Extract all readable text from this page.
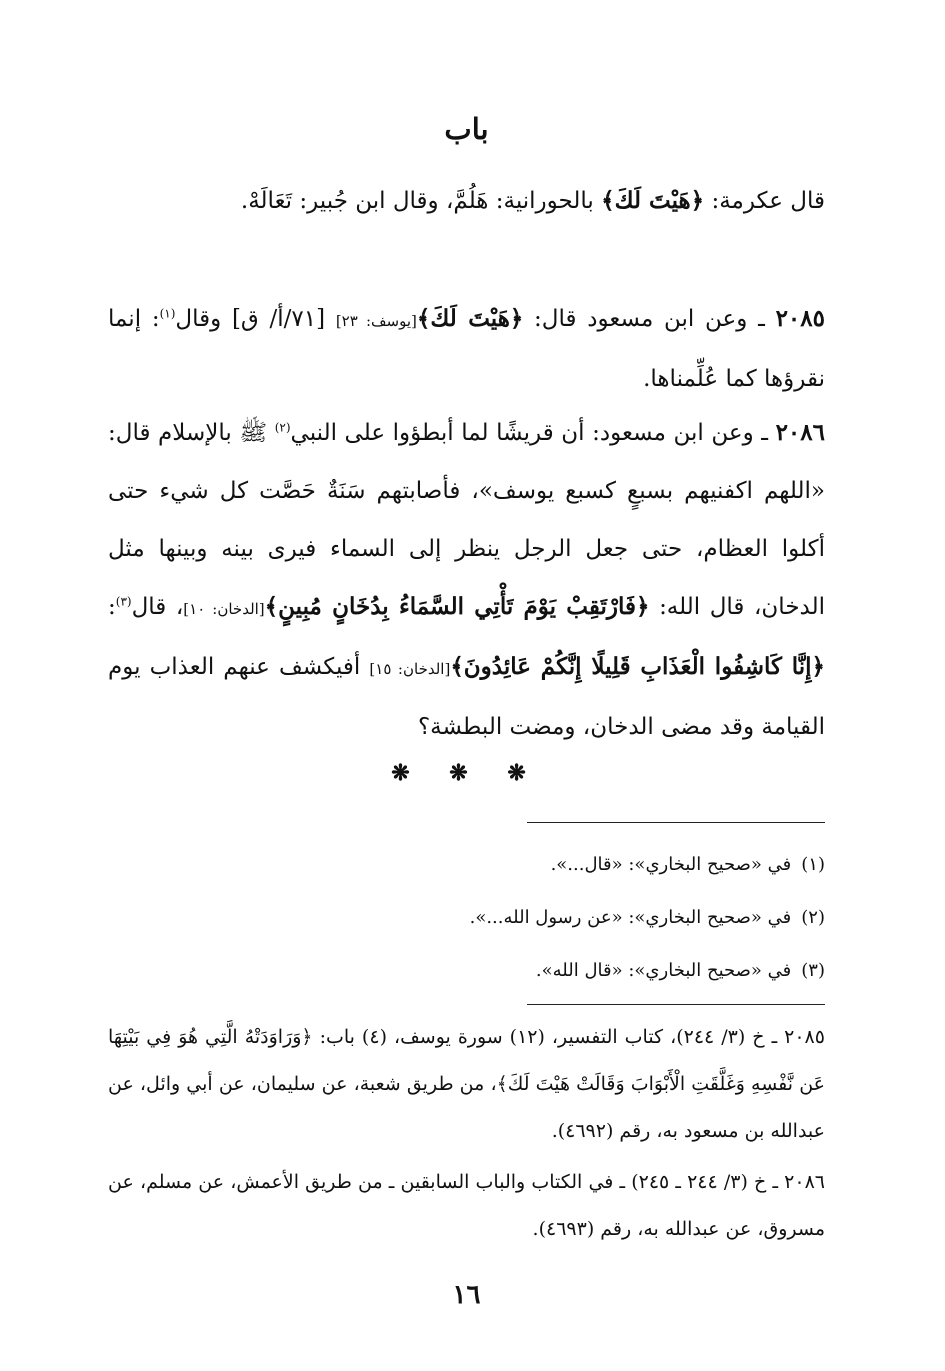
باب

قال عكرمة: ﴿هَيْتَ لَكَ﴾ بالحورانية: هَلُمَّ، وقال ابن جُبير: تَعَالَهْ.

٢٠٨٥ ـ وعن ابن مسعود قال: ﴿هَيْتَ لَكَ﴾[يوسف: ٢٣] [٧١/أ/ ق] وقال$^{(١)}$: إنما نقرؤها كما عُلِّمناها.

٢٠٨٦ ـ وعن ابن مسعود: أن قريشًا لما أبطؤوا على النبي$^{(٢)}$ ﷺ بالإسلام قال: «اللهم اكفنيهم بسبعٍ كسبع يوسف»، فأصابتهم سَنَةٌ حَصَّت كل شيء حتى أكلوا العظام، حتى جعل الرجل ينظر إلى السماء فيرى بينه وبينها مثل الدخان، قال الله: ﴿فَارْتَقِبْ يَوْمَ تَأْتِي السَّمَاءُ بِدُخَانٍ مُبِينٍ﴾[الدخان: ١٠]، قال$^{(٣)}$: ﴿إِنَّا كَاشِفُوا الْعَذَابِ قَلِيلًا إِنَّكُمْ عَائِدُونَ﴾[الدخان: ١٥] أفيكشف عنهم العذاب يوم القيامة وقد مضى الدخان، ومضت البطشة؟

❋ ❋ ❋
(١)في «صحيح البخاري»: «قال...».
(٢)في «صحيح البخاري»: «عن رسول الله...».
(٣)في «صحيح البخاري»: «قال الله».

٢٠٨٥ ـ خ (٣/ ٢٤٤)، كتاب التفسير، (١٢) سورة يوسف، (٤) باب: ﴿وَرَاوَدَتْهُ الَّتِي هُوَ فِي بَيْتِهَا عَن نَّفْسِهِ وَغَلَّقَتِ الْأَبْوَابَ وَقَالَتْ هَيْتَ لَكَ﴾، من طريق شعبة، عن سليمان، عن أبي وائل، عن عبدالله بن مسعود به، رقم (٤٦٩٢).

٢٠٨٦ ـ خ (٣/ ٢٤٤ ـ ٢٤٥) ـ في الكتاب والباب السابقين ـ من طريق الأعمش، عن مسلم، عن مسروق، عن عبدالله به، رقم (٤٦٩٣).

١٦
